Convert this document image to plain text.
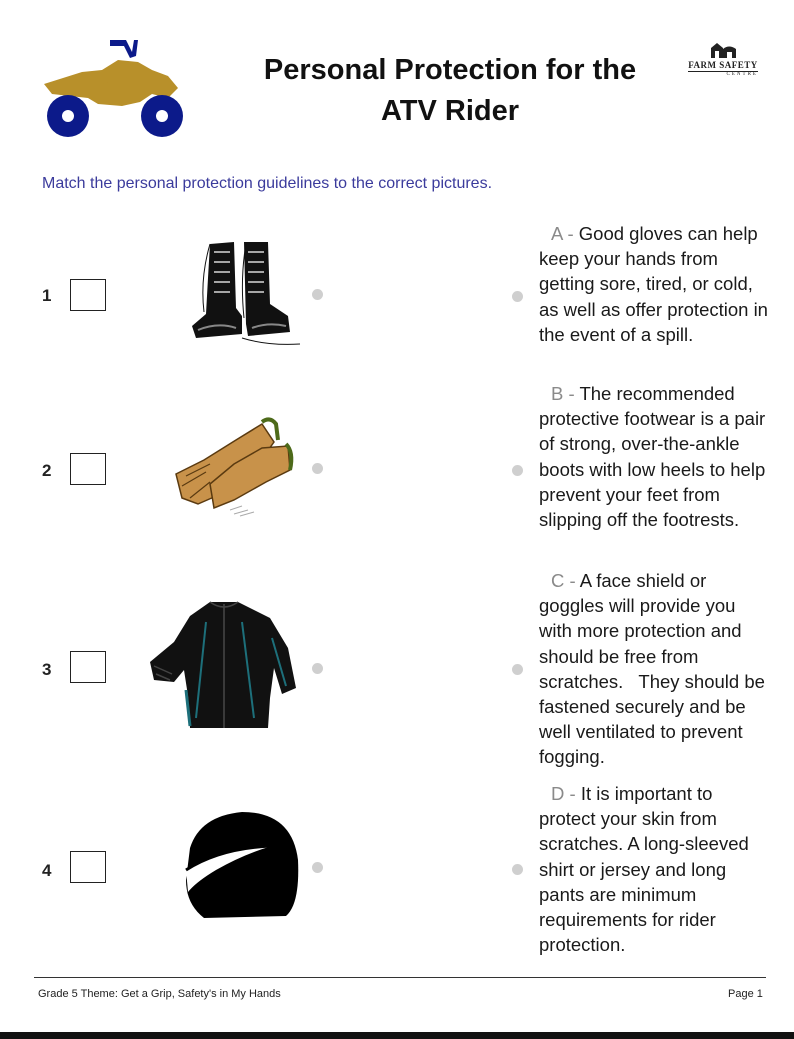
Personal Protection for the
ATV Rider
FARM SAFETY
CENTRE
Match the personal protection guidelines to the correct pictures.
1
2
3
4
A - Good gloves can help keep your hands from getting sore, tired, or cold, as well as offer protection in the event of a spill.
B - The recommended protective footwear is a pair of strong, over-the-ankle boots with low heels to help prevent your feet from slipping off the footrests.
C - A face shield or goggles will provide you with more protection and should be free from scratches.   They should be fastened securely and be well ventilated to prevent fogging.
D - It is important to protect your skin from scratches. A long-sleeved shirt or jersey and long pants are minimum requirements for rider protection.
Grade 5 Theme: Get a Grip, Safety's in My Hands	Page 1
